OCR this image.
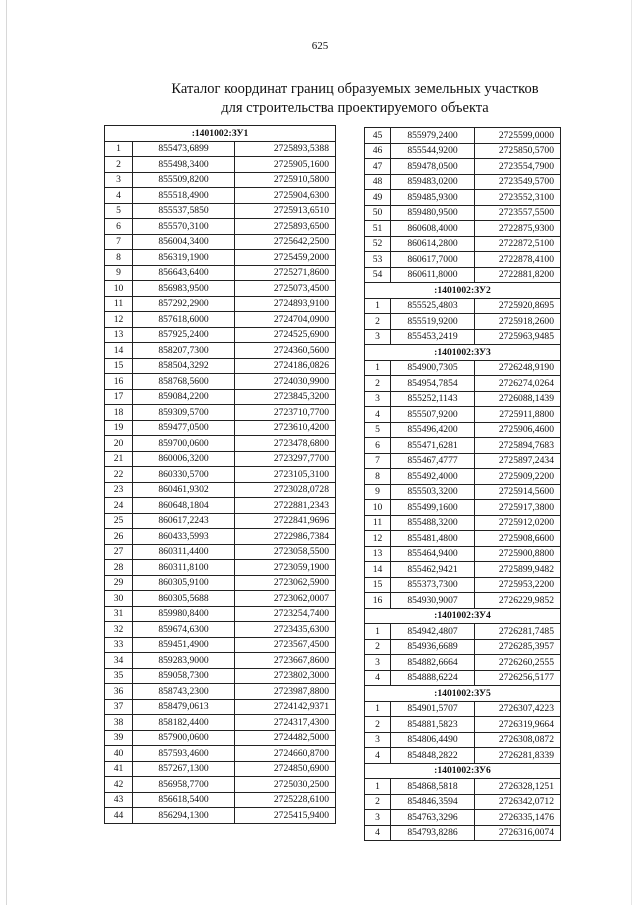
625
Каталог координат границ образуемых земельных участков
для строительства проектируемого объекта
:1401002:ЗУ1		
1	855473,6899	2725893,5388
2	855498,3400	2725905,1600
3	855509,8200	2725910,5800
4	855518,4900	2725904,6300
5	855537,5850	2725913,6510
6	855570,3100	2725893,6500
7	856004,3400	2725642,2500
8	856319,1900	2725459,2000
9	856643,6400	2725271,8600
10	856983,9500	2725073,4500
11	857292,2900	2724893,9100
12	857618,6000	2724704,0900
13	857925,2400	2724525,6900
14	858207,7300	2724360,5600
15	858504,3292	2724186,0826
16	858768,5600	2724030,9900
17	859084,2200	2723845,3200
18	859309,5700	2723710,7700
19	859477,0500	2723610,4200
20	859700,0600	2723478,6800
21	860006,3200	2723297,7700
22	860330,5700	2723105,3100
23	860461,9302	2723028,0728
24	860648,1804	2722881,2343
25	860617,2243	2722841,9696
26	860433,5993	2722986,7384
27	860311,4400	2723058,5500
28	860311,8100	2723059,1900
29	860305,9100	2723062,5900
30	860305,5688	2723062,0007
31	859980,8400	2723254,7400
32	859674,6300	2723435,6300
33	859451,4900	2723567,4500
34	859283,9000	2723667,8600
35	859058,7300	2723802,3000
36	858743,2300	2723987,8800
37	858479,0613	2724142,9371
38	858182,4400	2724317,4300
39	857900,0600	2724482,5000
40	857593,4600	2724660,8700
41	857267,1300	2724850,6900
42	856958,7700	2725030,2500
43	856618,5400	2725228,6100
44	856294,1300	2725415,9400
45	855979,2400	2725599,0000
46	855544,9200	2725850,5700
47	859478,0500	2723554,7900
48	859483,0200	2723549,5700
49	859485,9300	2723552,3100
50	859480,9500	2723557,5500
51	860608,4000	2722875,9300
52	860614,2800	2722872,5100
53	860617,7000	2722878,4100
54	860611,8000	2722881,8200
:1401002:ЗУ2		
1	855525,4803	2725920,8695
2	855519,9200	2725918,2600
3	855453,2419	2725963,9485
:1401002:ЗУ3		
1	854900,7305	2726248,9190
2	854954,7854	2726274,0264
3	855252,1143	2726088,1439
4	855507,9200	2725911,8800
5	855496,4200	2725906,4600
6	855471,6281	2725894,7683
7	855467,4777	2725897,2434
8	855492,4000	2725909,2200
9	855503,3200	2725914,5600
10	855499,1600	2725917,3800
11	855488,3200	2725912,0200
12	855481,4800	2725908,6600
13	855464,9400	2725900,8800
14	855462,9421	2725899,9482
15	855373,7300	2725953,2200
16	854930,9007	2726229,9852
:1401002:ЗУ4		
1	854942,4807	2726281,7485
2	854936,6689	2726285,3957
3	854882,6664	2726260,2555
4	854888,6224	2726256,5177
:1401002:ЗУ5		
1	854901,5707	2726307,4223
2	854881,5823	2726319,9664
3	854806,4490	2726308,0872
4	854848,2822	2726281,8339
:1401002:ЗУ6		
1	854868,5818	2726328,1251
2	854846,3594	2726342,0712
3	854763,3296	2726335,1476
4	854793,8286	2726316,0074
